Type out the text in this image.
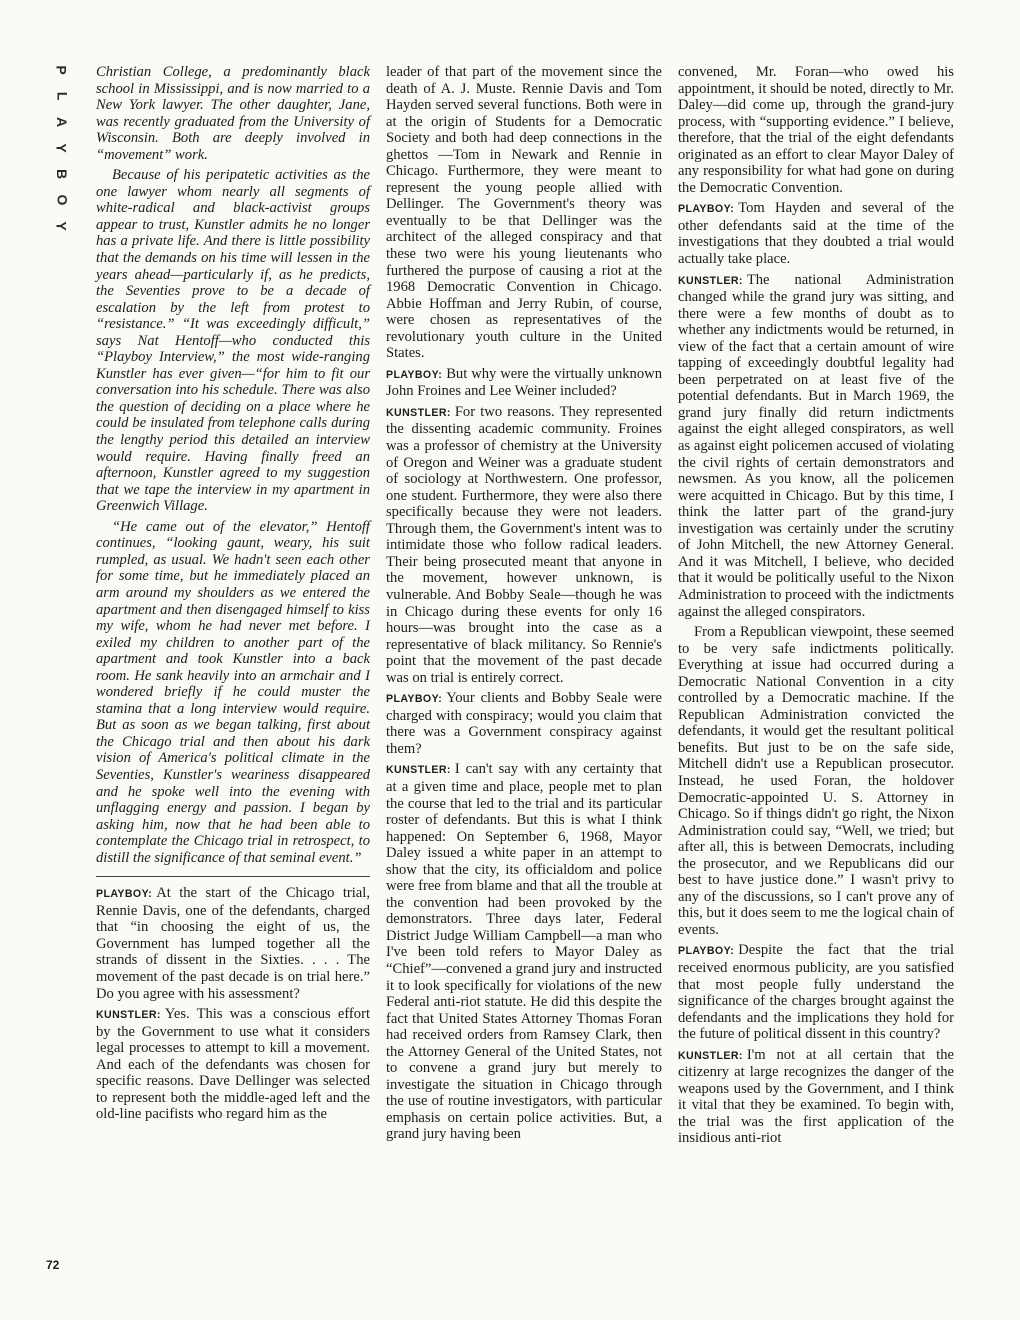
P
L
A
Y
B
O
Y

Christian College, a predominantly black school in Mississippi, and is now married to a New York lawyer. The other daughter, Jane, was recently graduated from the University of Wisconsin. Both are deeply involved in “movement” work.

Because of his peripatetic activities as the one lawyer whom nearly all segments of white-radical and black-activist groups appear to trust, Kunstler admits he no longer has a private life. And there is little possibility that the demands on his time will lessen in the years ahead—particularly if, as he predicts, the Seventies prove to be a decade of escalation by the left from protest to “resistance.” “It was exceedingly difficult,” says Nat Hentoff—who conducted this “Playboy Interview,” the most wide-ranging Kunstler has ever given—“for him to fit our conversation into his schedule. There was also the question of deciding on a place where he could be insulated from telephone calls during the lengthy period this detailed an interview would require. Having finally freed an afternoon, Kunstler agreed to my suggestion that we tape the interview in my apartment in Greenwich Village.

“He came out of the elevator,” Hentoff continues, “looking gaunt, weary, his suit rumpled, as usual. We hadn't seen each other for some time, but he immediately placed an arm around my shoulders as we entered the apartment and then disengaged himself to kiss my wife, whom he had never met before. I exiled my children to another part of the apartment and took Kunstler into a back room. He sank heavily into an armchair and I wondered briefly if he could muster the stamina that a long interview would require. But as soon as we began talking, first about the Chicago trial and then about his dark vision of America's political climate in the Seventies, Kunstler's weariness disappeared and he spoke well into the evening with unflagging energy and passion. I began by asking him, now that he had been able to contemplate the Chicago trial in retrospect, to distill the significance of that seminal event.”

PLAYBOY: At the start of the Chicago trial, Rennie Davis, one of the defendants, charged that “in choosing the eight of us, the Government has lumped together all the strands of dissent in the Sixties. . . . The movement of the past decade is on trial here.” Do you agree with his assessment?

KUNSTLER: Yes. This was a conscious effort by the Government to use what it considers legal processes to attempt to kill a movement. And each of the defendants was chosen for specific reasons. Dave Dellinger was selected to represent both the middle-aged left and the old-line pacifists who regard him as the

leader of that part of the movement since the death of A. J. Muste. Rennie Davis and Tom Hayden served several functions. Both were in at the origin of Students for a Democratic Society and both had deep connections in the ghettos —Tom in Newark and Rennie in Chicago. Furthermore, they were meant to represent the young people allied with Dellinger. The Government's theory was eventually to be that Dellinger was the architect of the alleged conspiracy and that these two were his young lieutenants who furthered the purpose of causing a riot at the 1968 Democratic Convention in Chicago. Abbie Hoffman and Jerry Rubin, of course, were chosen as representatives of the revolutionary youth culture in the United States.

PLAYBOY: But why were the virtually unknown John Froines and Lee Weiner included?

KUNSTLER: For two reasons. They represented the dissenting academic community. Froines was a professor of chemistry at the University of Oregon and Weiner was a graduate student of sociology at Northwestern. One professor, one student. Furthermore, they were also there specifically because they were not leaders. Through them, the Government's intent was to intimidate those who follow radical leaders. Their being prosecuted meant that anyone in the movement, however unknown, is vulnerable. And Bobby Seale—though he was in Chicago during these events for only 16 hours—was brought into the case as a representative of black militancy. So Rennie's point that the movement of the past decade was on trial is entirely correct.

PLAYBOY: Your clients and Bobby Seale were charged with conspiracy; would you claim that there was a Government conspiracy against them?

KUNSTLER: I can't say with any certainty that at a given time and place, people met to plan the course that led to the trial and its particular roster of defendants. But this is what I think happened: On September 6, 1968, Mayor Daley issued a white paper in an attempt to show that the city, its officialdom and police were free from blame and that all the trouble at the convention had been provoked by the demonstrators. Three days later, Federal District Judge William Campbell—a man who I've been told refers to Mayor Daley as “Chief”—convened a grand jury and instructed it to look specifically for violations of the new Federal anti-riot statute. He did this despite the fact that United States Attorney Thomas Foran had received orders from Ramsey Clark, then the Attorney General of the United States, not to convene a grand jury but merely to investigate the situation in Chicago through the use of routine investigators, with particular emphasis on certain police activities. But, a grand jury having been

convened, Mr. Foran—who owed his appointment, it should be noted, directly to Mr. Daley—did come up, through the grand-jury process, with “supporting evidence.” I believe, therefore, that the trial of the eight defendants originated as an effort to clear Mayor Daley of any responsibility for what had gone on during the Democratic Convention.

PLAYBOY: Tom Hayden and several of the other defendants said at the time of the investigations that they doubted a trial would actually take place.

KUNSTLER: The national Administration changed while the grand jury was sitting, and there were a few months of doubt as to whether any indictments would be returned, in view of the fact that a certain amount of wire tapping of exceedingly doubtful legality had been perpetrated on at least five of the potential defendants. But in March 1969, the grand jury finally did return indictments against the eight alleged conspirators, as well as against eight policemen accused of violating the civil rights of certain demonstrators and newsmen. As you know, all the policemen were acquitted in Chicago. But by this time, I think the latter part of the grand-jury investigation was certainly under the scrutiny of John Mitchell, the new Attorney General. And it was Mitchell, I believe, who decided that it would be politically useful to the Nixon Administration to proceed with the indictments against the alleged conspirators.

From a Republican viewpoint, these seemed to be very safe indictments politically. Everything at issue had occurred during a Democratic National Convention in a city controlled by a Democratic machine. If the Republican Administration convicted the defendants, it would get the resultant political benefits. But just to be on the safe side, Mitchell didn't use a Republican prosecutor. Instead, he used Foran, the holdover Democratic-appointed U. S. Attorney in Chicago. So if things didn't go right, the Nixon Administration could say, “Well, we tried; but after all, this is between Democrats, including the prosecutor, and we Republicans did our best to have justice done.” I wasn't privy to any of the discussions, so I can't prove any of this, but it does seem to me the logical chain of events.

PLAYBOY: Despite the fact that the trial received enormous publicity, are you satisfied that most people fully understand the significance of the charges brought against the defendants and the implications they hold for the future of political dissent in this country?

KUNSTLER: I'm not at all certain that the citizenry at large recognizes the danger of the weapons used by the Government, and I think it vital that they be examined. To begin with, the trial was the first application of the insidious anti-riot

72
